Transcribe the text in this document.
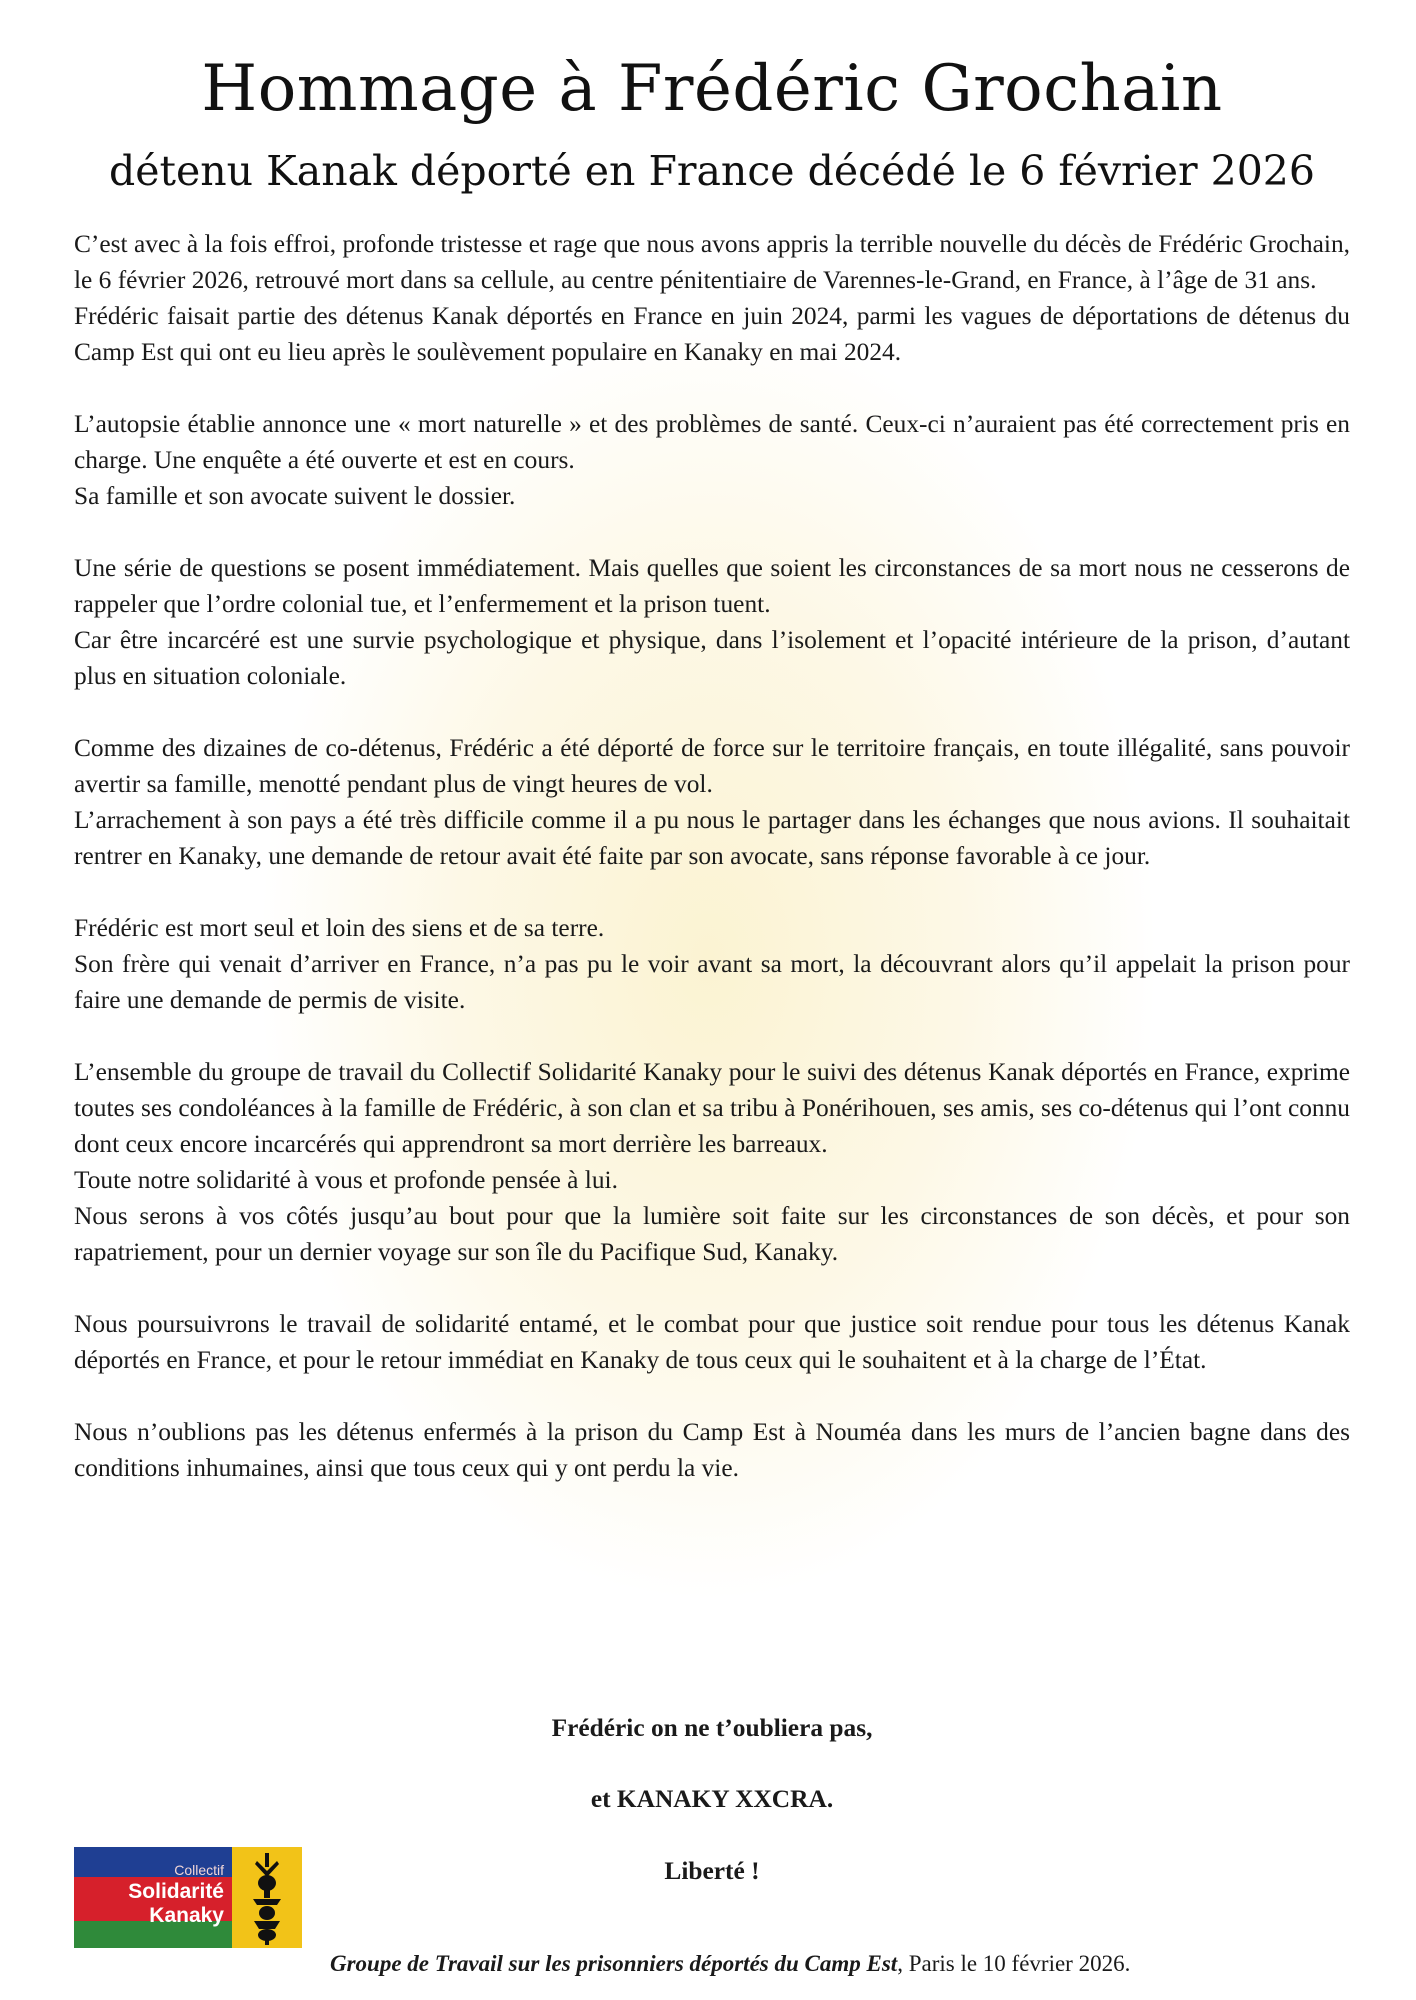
Hommage à Frédéric Grochain
détenu Kanak déporté en France décédé le 6 février 2026

C’est avec à la fois effroi, profonde tristesse et rage que nous avons appris la terrible nouvelle du décès de Frédéric Grochain, le 6 février 2026, retrouvé mort dans sa cellule, au centre pénitentiaire de Varennes-le-Grand, en France, à l’âge de 31 ans.

Frédéric faisait partie des détenus Kanak déportés en France en juin 2024, parmi les vagues de déportations de détenus du Camp Est qui ont eu lieu après le soulèvement populaire en Kanaky en mai 2024.

L’autopsie établie annonce une « mort naturelle » et des problèmes de santé. Ceux-ci n’auraient pas été correctement pris en charge. Une enquête a été ouverte et est en cours.

Sa famille et son avocate suivent le dossier.

Une série de questions se posent immédiatement. Mais quelles que soient les circonstances de sa mort nous ne cesserons de rappeler que l’ordre colonial tue, et l’enfermement et la prison tuent.

Car être incarcéré est une survie psychologique et physique, dans l’isolement et l’opacité intérieure de la prison, d’autant plus en situation coloniale.

Comme des dizaines de co-détenus, Frédéric a été déporté de force sur le territoire français, en toute illégalité, sans pouvoir avertir sa famille, menotté pendant plus de vingt heures de vol.

L’arrachement à son pays a été très difficile comme il a pu nous le partager dans les échanges que nous avions. Il souhaitait rentrer en Kanaky, une demande de retour avait été faite par son avocate, sans réponse favorable à ce jour.

Frédéric est mort seul et loin des siens et de sa terre.

Son frère qui venait d’arriver en France, n’a pas pu le voir avant sa mort, la découvrant alors qu’il appelait la prison pour faire une demande de permis de visite.

L’ensemble du groupe de travail du Collectif Solidarité Kanaky pour le suivi des détenus Kanak déportés en France, exprime toutes ses condoléances à la famille de Frédéric, à son clan et sa tribu à Ponérihouen, ses amis, ses co-détenus qui l’ont connu dont ceux encore incarcérés qui apprendront sa mort derrière les barreaux.

Toute notre solidarité à vous et profonde pensée à lui.

Nous serons à vos côtés jusqu’au bout pour que la lumière soit faite sur les circonstances de son décès, et pour son rapatriement, pour un dernier voyage sur son île du Pacifique Sud, Kanaky.

Nous poursuivrons le travail de solidarité entamé, et le combat pour que justice soit rendue pour tous les détenus Kanak déportés en France, et pour le retour immédiat en Kanaky de tous ceux qui le souhaitent et à la charge de l’État.

Nous n’oublions pas les détenus enfermés à la prison du Camp Est à Nouméa dans les murs de l’ancien bagne dans des conditions inhumaines, ainsi que tous ceux qui y ont perdu la vie.

Frédéric on ne t’oubliera pas,
et KANAKY XXCRA.
Liberté !
Collectif
Solidarité
Kanaky
Groupe de Travail sur les prisonniers déportés du Camp Est, Paris le 10 février 2026.
